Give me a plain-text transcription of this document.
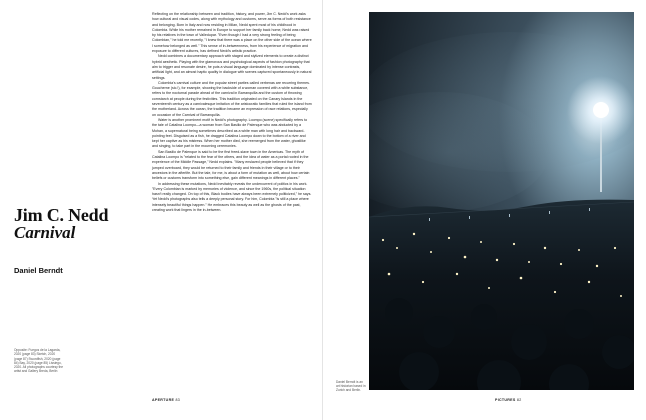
Jim C. Nedd
Carnival
Daniel Berndt
Opposite: Fuegos de la Lagarda, 2020 (page 83) Sketch, 2020 (page 87) Swordfish, 2020 (page 84) Bay, 2020 (page 85) Lissiego, 2020. All photographs courtesy the artist and Gallery Breda, Berlin

Reflecting on the relationship between and tradition, history, and power, Jim C. Nedd's work asks how cultural and visual codes, along with mythology and customs, serve as forms of both resistance and belonging. Born in Italy and now residing in Milan, Nedd spent most of his childhood in Colombia. While his mother remained in Europe to support her family back home, Nedd was raised by his relatives in the town of Valledupar. "Even though I had a very strong feeling of being Colombian," he told me recently, "I knew that there was a place on the other side of the ocean where I somehow belonged as well." This sense of in-betweenness, from his experience of migration and exposure to different cultures, has defined Nedd's artistic practice.

Nedd combines a documentary approach with staged and stylized elements to create a distinct hybrid aesthetic. Playing with the glamorous and psychological aspects of fashion photography that aim to trigger and resonate desire, he puts a visual language dominated by intense contrasts, artificial light, and an almost haptic quality in dialogue with scenes captured spontaneously in natural settings.

Colombia's carnival culture and the popular street parties called verbenas are recurring themes. Goucherne (sic.!), for example, showing the backside of a woman covered with a white substance, refers to the nocturnal parade ahead of the carnival in Barranquilla and the custom of throwing cornstarch at people during the festivities. This tradition originated on the Canary Islands in the seventeenth century as a carnivalesque imitation of the aristocratic families that ruled the island from the motherland. Across the ocean, the tradition became an expression of race relations, especially on occasion of the Carnival of Barranquilla.

Water is another prominent motif in Nedd's photography. Loompo (scene) specifically refers to the tale of Catalina Loompo—a woman from San Basilio de Palenque who was abducted by a Mohan, a supernatural being sometimes described as a white man with long hair and backward-pointing feet. Disguised as a fish, he dragged Catalina Loompo down to the bottom of a river and kept her captive as his mistress. When her mother died, she reemerged from the water, ghostlike and singing, to take part in the mourning ceremonies.

San Basilio de Palenque is said to be the first freed-slave town in the Americas. The myth of Catalina Loompo is "related to the fear of the others, and the idea of water as a portal rooted in the experience of the Middle Passage," Nedd explains. "Many enslaved people believed that if they jumped overboard, they would be returned to their family and friends in their village or to their ancestors in the afterlife. But the tale, for me, is about a form of mutation as well, about how certain beliefs or customs transform into something else, gain different meanings in different places."

In addressing these mutations, Nedd inevitably reveals the undercurrent of politics in his work. "Every Colombian is marked by memories of violence, and since the 1960s, the political situation hasn't really changed. On top of this, Black bodies have always been extremely politicized," he says. Yet Nedd's photographs also tells a deeply personal story. For him, Colombia "is still a place where intensely beautiful things happen." He embraces this beauty as well as the ghosts of the past, creating work that lingers in the in-between.

APERTURE 83	PICTURES 82
Daniel Berndt is an art historian based in Zurich and Berlin.
